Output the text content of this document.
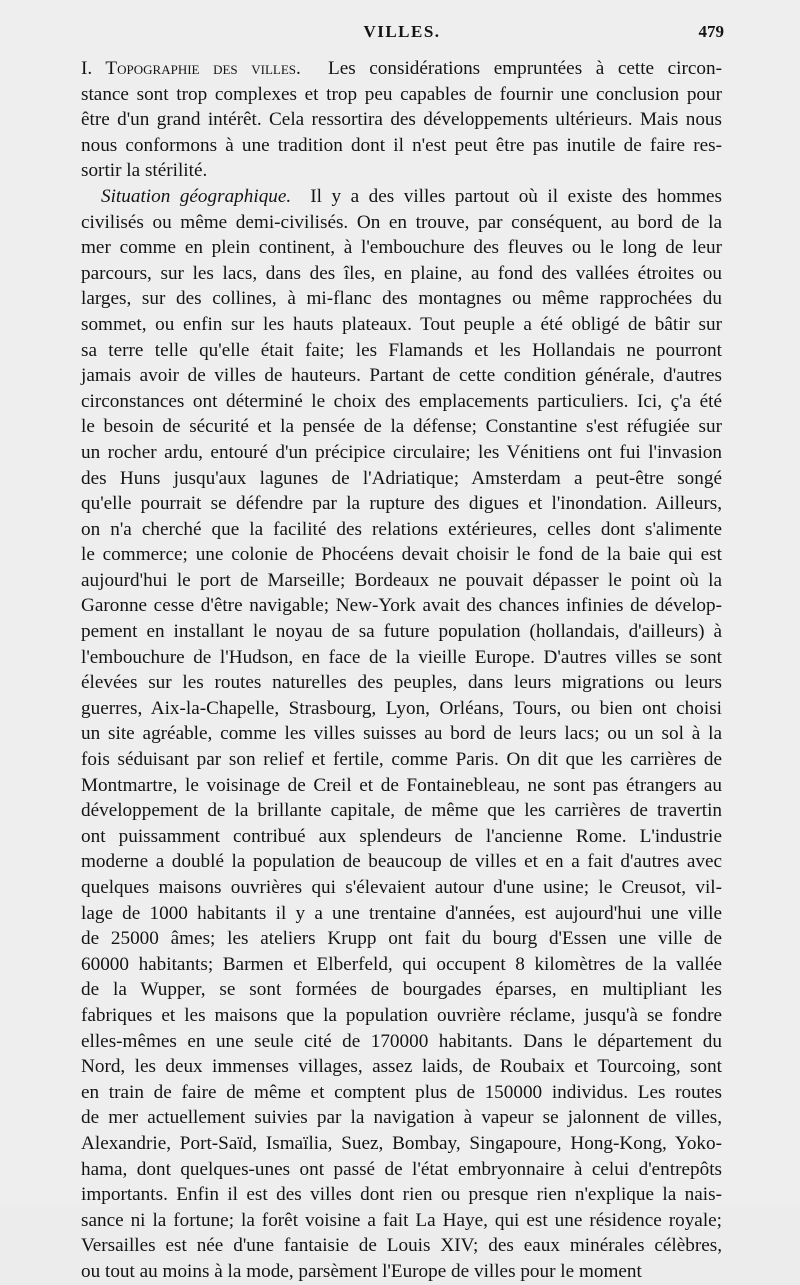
VILLES.	479
I. Topographie des villes. Les considérations empruntées à cette circon-
stance sont trop complexes et trop peu capables de fournir une conclusion pour
être d'un grand intérêt. Cela ressortira des développements ultérieurs. Mais nous
nous conformons à une tradition dont il n'est peut être pas inutile de faire res-
sortir la stérilité.
Situation géographique. Il y a des villes partout où il existe des hommes
civilisés ou même demi-civilisés. On en trouve, par conséquent, au bord de la
mer comme en plein continent, à l'embouchure des fleuves ou le long de leur
parcours, sur les lacs, dans des îles, en plaine, au fond des vallées étroites ou
larges, sur des collines, à mi-flanc des montagnes ou même rapprochées du
sommet, ou enfin sur les hauts plateaux. Tout peuple a été obligé de bâtir sur
sa terre telle qu'elle était faite; les Flamands et les Hollandais ne pourront
jamais avoir de villes de hauteurs. Partant de cette condition générale, d'autres
circonstances ont déterminé le choix des emplacements particuliers. Ici, ç'a été
le besoin de sécurité et la pensée de la défense; Constantine s'est réfugiée sur
un rocher ardu, entouré d'un précipice circulaire; les Vénitiens ont fui l'invasion
des Huns jusqu'aux lagunes de l'Adriatique; Amsterdam a peut-être songé
qu'elle pourrait se défendre par la rupture des digues et l'inondation. Ailleurs,
on n'a cherché que la facilité des relations extérieures, celles dont s'alimente
le commerce; une colonie de Phocéens devait choisir le fond de la baie qui est
aujourd'hui le port de Marseille; Bordeaux ne pouvait dépasser le point où la
Garonne cesse d'être navigable; New-York avait des chances infinies de dévelop-
pement en installant le noyau de sa future population (hollandais, d'ailleurs) à
l'embouchure de l'Hudson, en face de la vieille Europe. D'autres villes se sont
élevées sur les routes naturelles des peuples, dans leurs migrations ou leurs
guerres, Aix-la-Chapelle, Strasbourg, Lyon, Orléans, Tours, ou bien ont choisi
un site agréable, comme les villes suisses au bord de leurs lacs; ou un sol à la
fois séduisant par son relief et fertile, comme Paris. On dit que les carrières de
Montmartre, le voisinage de Creil et de Fontainebleau, ne sont pas étrangers au
développement de la brillante capitale, de même que les carrières de travertin
ont puissamment contribué aux splendeurs de l'ancienne Rome. L'industrie
moderne a doublé la population de beaucoup de villes et en a fait d'autres avec
quelques maisons ouvrières qui s'élevaient autour d'une usine; le Creusot, vil-
lage de 1000 habitants il y a une trentaine d'années, est aujourd'hui une ville
de 25000 âmes; les ateliers Krupp ont fait du bourg d'Essen une ville de
60000 habitants; Barmen et Elberfeld, qui occupent 8 kilomètres de la vallée
de la Wupper, se sont formées de bourgades éparses, en multipliant les
fabriques et les maisons que la population ouvrière réclame, jusqu'à se fondre
elles-mêmes en une seule cité de 170000 habitants. Dans le département du
Nord, les deux immenses villages, assez laids, de Roubaix et Tourcoing, sont
en train de faire de même et comptent plus de 150000 individus. Les routes
de mer actuellement suivies par la navigation à vapeur se jalonnent de villes,
Alexandrie, Port-Saïd, Ismaïlia, Suez, Bombay, Singapoure, Hong-Kong, Yoko-
hama, dont quelques-unes ont passé de l'état embryonnaire à celui d'entrepôts
importants. Enfin il est des villes dont rien ou presque rien n'explique la nais-
sance ni la fortune; la forêt voisine a fait La Haye, qui est une résidence royale;
Versailles est née d'une fantaisie de Louis XIV; des eaux minérales célèbres,
ou tout au moins à la mode, parsèment l'Europe de villes pour le moment
